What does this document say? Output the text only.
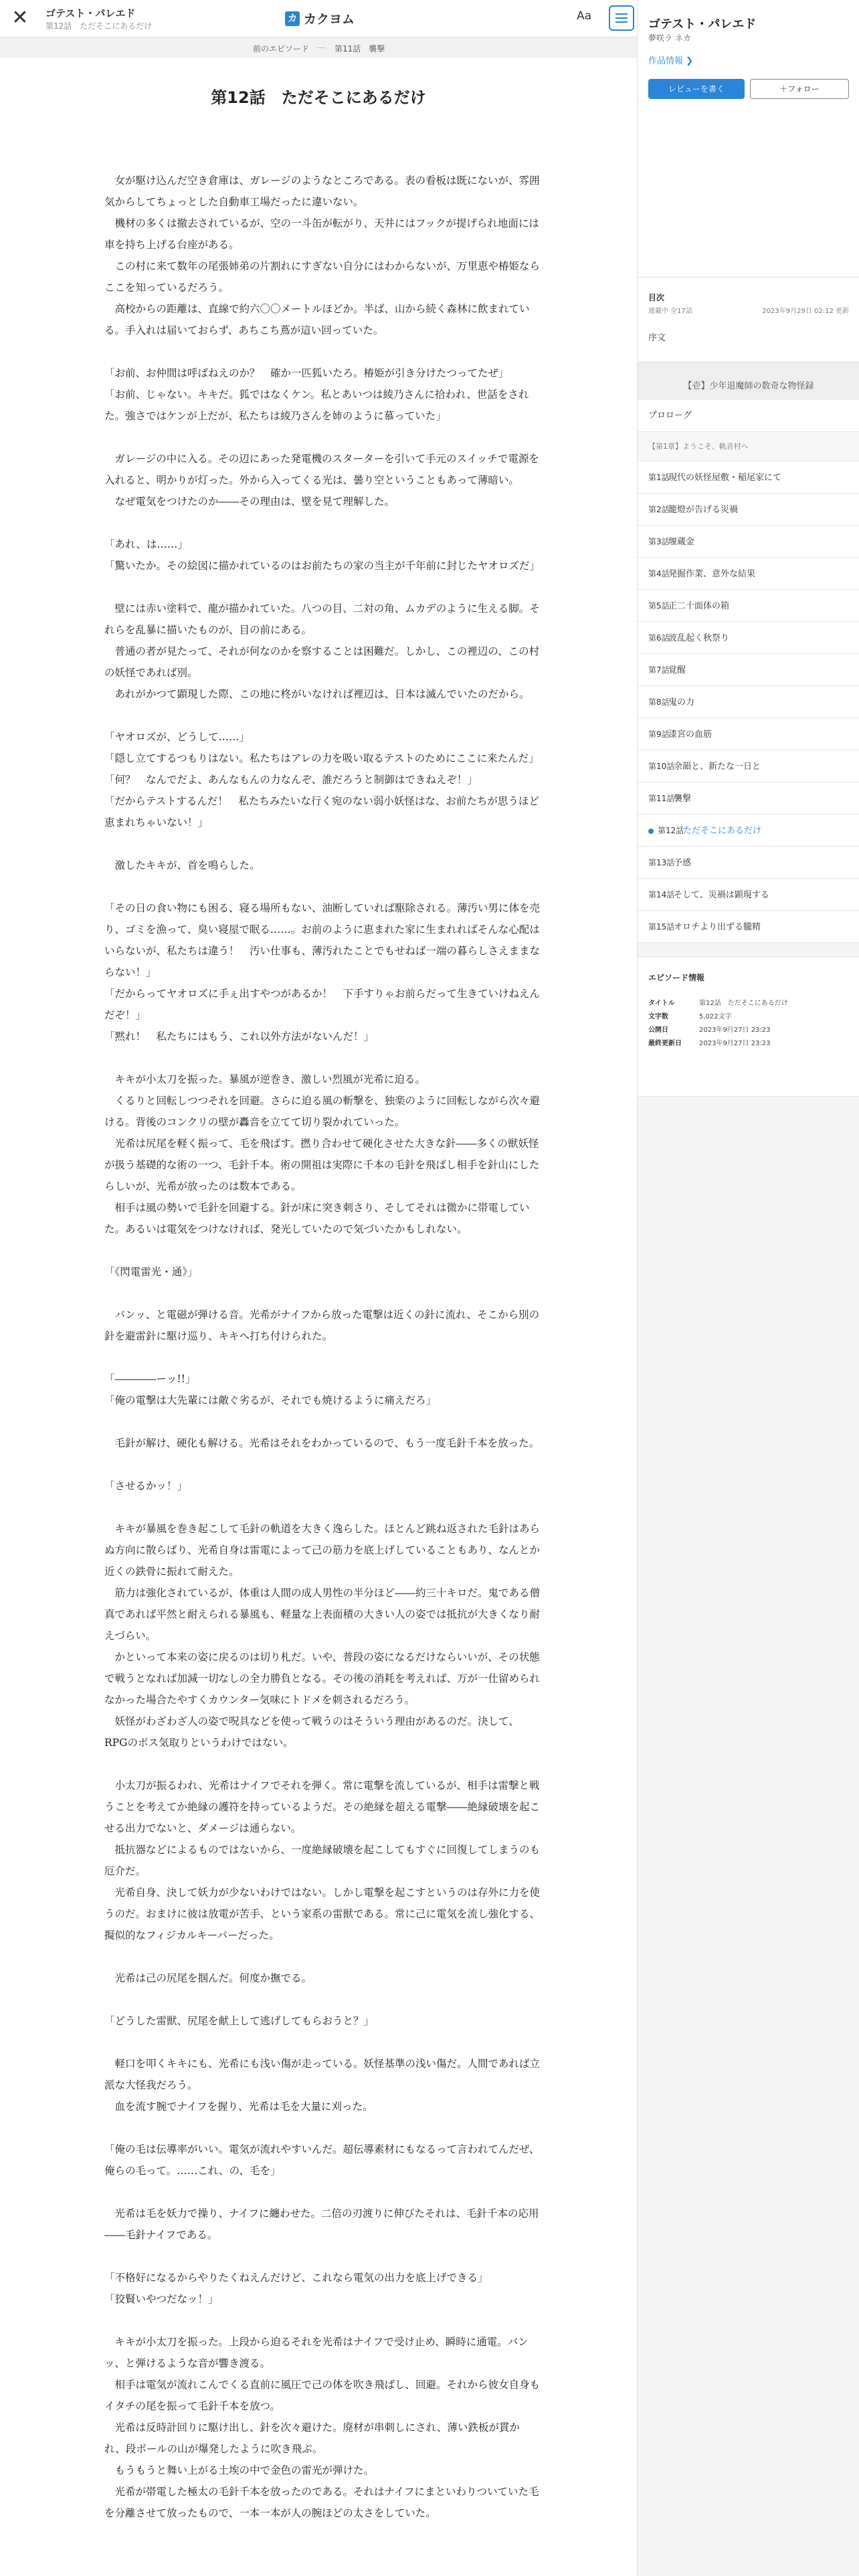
✕ ゴテスト・パレエド
第12話 ただそこにあるだけ
カ カクヨム	Aa
前のエピソード ― 第11話　襲撃
第12話　ただそこにあるだけ

　女が駆け込んだ空き倉庫は、ガレージのようなところである。表の看板は既にないが、雰囲気からしてちょっとした自動車工場だったに違いない。

　機材の多くは撤去されているが、空の一斗缶が転がり、天井にはフックが提げられ地面には車を持ち上げる台座がある。

　この村に来て数年の尾張姉弟の片割れにすぎない自分にはわからないが、万里恵や椿姫ならここを知っているだろう。

　高校からの距離は、直線で約六〇〇メートルほどか。半ば、山から続く森林に飲まれている。手入れは届いておらず、あちこち蔦が這い回っていた。

「お前、お仲間は呼ばねえのか？　確か一匹狐いたろ。椿姫が引き分けたつってたぜ」

「お前、じゃない。キキだ。狐ではなくケン。私とあいつは綾乃さんに拾われ、世話をされた。強さではケンが上だが、私たちは綾乃さんを姉のように慕っていた」

　ガレージの中に入る。その辺にあった発電機のスターターを引いて手元のスイッチで電源を入れると、明かりが灯った。外から入ってくる光は、曇り空ということもあって薄暗い。

　なぜ電気をつけたのか――その理由は、壁を見て理解した。

「あれ、は……」

「驚いたか。その絵図に描かれているのはお前たちの家の当主が千年前に封じたヤオロズだ」

　壁には赤い塗料で、龍が描かれていた。八つの目、二対の角、ムカデのように生える脚。それらを乱暴に描いたものが、目の前にある。

　普通の者が見たって、それが何なのかを察することは困難だ。しかし、この裡辺の、この村の妖怪であれば別。

　あれがかつて顕現した際、この地に柊がいなければ裡辺は、日本は滅んでいたのだから。

「ヤオロズが、どうして……」

「隠し立てするつもりはない。私たちはアレの力を吸い取るテストのためにここに来たんだ」

「何？　なんでだよ、あんなもんの力なんぞ、誰だろうと制御はできねえぞ！」

「だからテストするんだ！　私たちみたいな行く宛のない弱小妖怪はな、お前たちが思うほど恵まれちゃいない！」

　激したキキが、首を鳴らした。

「その日の食い物にも困る、寝る場所もない、油断していれば駆除される。薄汚い男に体を売り、ゴミを漁って、臭い寝屋で眠る……。お前のように恵まれた家に生まれればそんな心配はいらないが、私たちは違う！　汚い仕事も、薄汚れたことでもせねば一端の暮らしさえままならない！」

「だからってヤオロズに手ぇ出すやつがあるか！　下手すりゃお前らだって生きていけねえんだぞ！」

「黙れ！　私たちにはもう、これ以外方法がないんだ！」

　キキが小太刀を振った。暴風が逆巻き、激しい烈風が光希に迫る。

　くるりと回転しつつそれを回避。さらに迫る風の斬撃を、独楽のように回転しながら次々避ける。背後のコンクリの壁が轟音を立てて切り裂かれていった。

　光希は尻尾を軽く振って、毛を飛ばす。撚り合わせて硬化させた大きな針――多くの獣妖怪が扱う基礎的な術の一つ、毛針千本。術の開祖は実際に千本の毛針を飛ばし相手を針山にしたらしいが、光希が放ったのは数本である。

　相手は風の勢いで毛針を回避する。針が床に突き刺さり、そしてそれは微かに帯電していた。あるいは電気をつけなければ、発光していたので気づいたかもしれない。

「《閃電雷光・通》」

　バンッ、と電磁が弾ける音。光希がナイフから放った電撃は近くの針に流れ、そこから別の針を避雷針に駆け巡り、キキへ打ち付けられた。

「――――ーッ!!」

「俺の電撃は大先輩には敵ぐ劣るが、それでも焼けるように痛えだろ」

　毛針が解け、硬化も解ける。光希はそれをわかっているので、もう一度毛針千本を放った。

「させるかッ！」

　キキが暴風を巻き起こして毛針の軌道を大きく逸らした。ほとんど跳ね返された毛針はあらぬ方向に散らばり、光希自身は雷電によって己の筋力を底上げしていることもあり、なんとか近くの鉄骨に振れて耐えた。

　筋力は強化されているが、体重は人間の成人男性の半分ほど――約三十キロだ。鬼である僧真であれば平然と耐えられる暴風も、軽量な上表面積の大きい人の姿では抵抗が大きくなり耐えづらい。

　かといって本来の姿に戻るのは切り札だ。いや、普段の姿になるだけならいいが、その状態で戦うとなれば加減一切なしの全力勝負となる。その後の消耗を考えれば、万が一仕留められなかった場合たやすくカウンター気味にトドメを刺されるだろう。

　妖怪がわざわざ人の姿で呪具などを使って戦うのはそういう理由があるのだ。決して、RPGのボス気取りというわけではない。

　小太刀が振るわれ、光希はナイフでそれを弾く。常に電撃を流しているが、相手は雷撃と戦うことを考えてか絶縁の護符を持っているようだ。その絶縁を超える電撃――絶縁破壊を起こせる出力でないと、ダメージは通らない。

　抵抗器などによるものではないから、一度絶縁破壊を起こしてもすぐに回復してしまうのも厄介だ。

　光希自身、決して妖力が少ないわけではない。しかし電撃を起こすというのは存外に力を使うのだ。おまけに彼は放電が苦手、という家系の雷獣である。常に己に電気を流し強化する、擬似的なフィジカルキーパーだった。

　光希は己の尻尾を掴んだ。何度か撫でる。

「どうした雷獣、尻尾を献上して逃げしてもらおうと？」

　軽口を叩くキキにも、光希にも浅い傷が走っている。妖怪基準の浅い傷だ。人間であれば立派な大怪我だろう。

　血を流す腕でナイフを握り、光希は毛を大量に刈った。

「俺の毛は伝導率がいい。電気が流れやすいんだ。超伝導素材にもなるって言われてんだぜ、俺らの毛って。……これ、の、毛を」

　光希は毛を妖力で操り、ナイフに纏わせた。二倍の刃渡りに伸びたそれは、毛針千本の応用――毛針ナイフである。

「不格好になるからやりたくねえんだけど、これなら電気の出力を底上げできる」

「狡賢いやつだなッ！」

　キキが小太刀を振った。上段から迫るそれを光希はナイフで受け止め、瞬時に通電。バンッ、と弾けるような音が響き渡る。

　相手は電気が流れこんでくる直前に風圧で己の体を吹き飛ばし、回避。それから彼女自身もイタチの尾を振って毛針千本を放つ。

　光希は反時計回りに駆け出し、針を次々避けた。廃材が串刺しにされ、薄い鉄板が貫かれ、段ボールの山が爆発したように吹き飛ぶ。

　もうもうと舞い上がる土埃の中で金色の雷光が弾けた。

　光希が帯電した極太の毛針千本を放ったのである。それはナイフにまといわりついていた毛を分離させて放ったもので、一本一本が人の腕ほどの太さをしていた。

ゴテスト・パレエド
夢咲ラ ネカ
作品情報 ❯
レビューを書く	＋フォロー
目次
連載中 全17話	2023年9月29日 02:12 更新
序文
【壱】少年退魔師の数奇な物怪録
プロローグ
【第1章】ようこそ、軌音村へ
第1話現代の妖怪屋敷・稲尾家にて
第2話籠燈が告げる災禍
第3話堰蔵金
第4話発掘作業、意外な結果
第5話正二十面体の箱
第6話波乱起く秋祭り
第7話覚醒
第8話鬼の力
第9話漆宮の血筋
第10話余韻と、新たな一日と
第11話襲撃
第12話ただそこにあるだけ
第13話予感
第14話そして、災禍は顕現する
第15話オロチより出ずる朧精
エピソード情報
タイトル	第12話　ただそこにあるだけ
文字数	5,022文字
公開日	2023年9月27日 23:23
最終更新日	2023年9月27日 23:23
